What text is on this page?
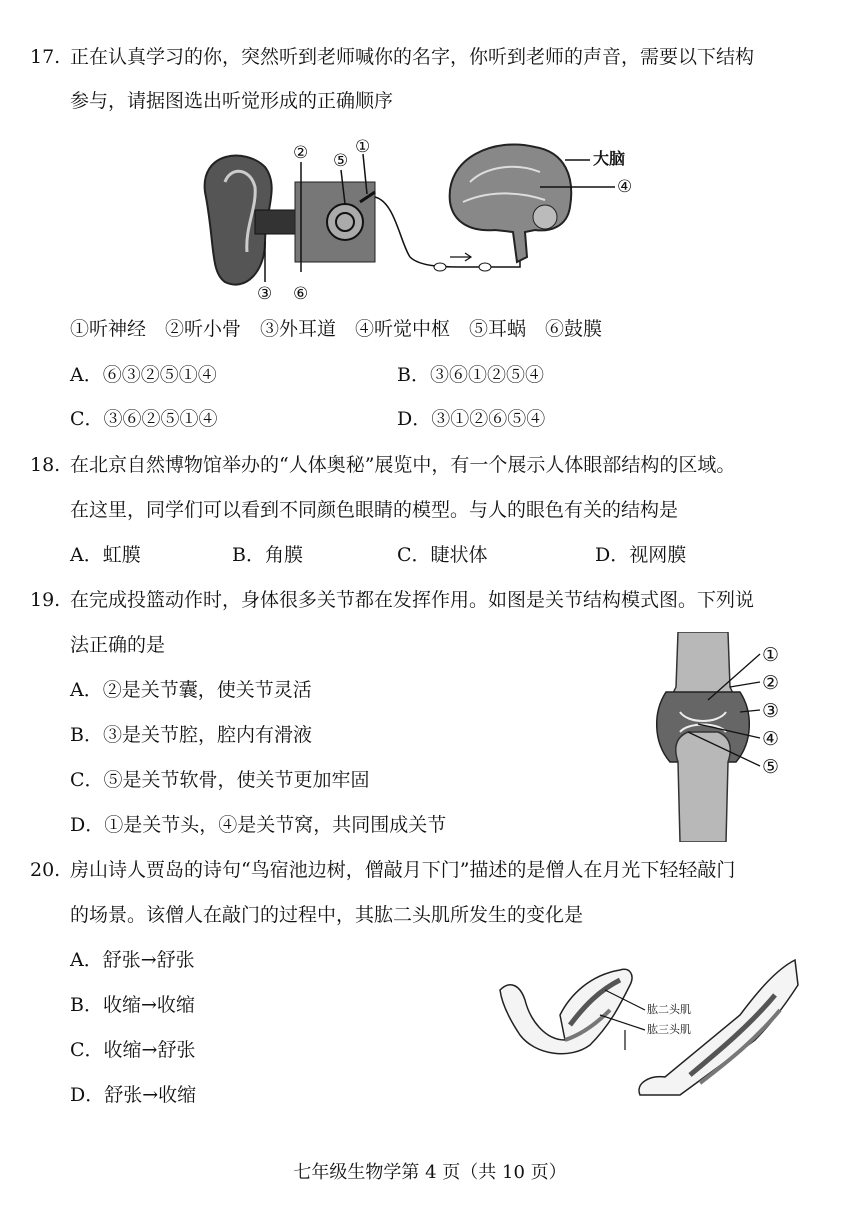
17. 正在认真学习的你，突然听到老师喊你的名字，你听到老师的声音，需要以下结构
参与，请据图选出听觉形成的正确顺序
② ⑤
①
③ ⑥
大脑
④
①听神经　②听小骨　③外耳道　④听觉中枢　⑤耳蜗　⑥鼓膜
A．⑥③②⑤①④	B．③⑥①②⑤④
C．③⑥②⑤①④	D．③①②⑥⑤④
18. 在北京自然博物馆举办的“人体奥秘”展览中，有一个展示人体眼部结构的区域。
在这里，同学们可以看到不同颜色眼睛的模型。与人的眼色有关的结构是
A．虹膜	B．角膜	C．睫状体	D．视网膜
19. 在完成投篮动作时，身体很多关节都在发挥作用。如图是关节结构模式图。下列说
法正确的是	①
②
③
④
⑤
A．②是关节囊，使关节灵活
B．③是关节腔，腔内有滑液
C．⑤是关节软骨，使关节更加牢固
D．①是关节头，④是关节窝，共同围成关节
20. 房山诗人贾岛的诗句“鸟宿池边树，僧敲月下门”描述的是僧人在月光下轻轻敲门
的场景。该僧人在敲门的过程中，其肱二头肌所发生的变化是
肱二头肌
肱三头肌
A．舒张→舒张
B．收缩→收缩
C．收缩→舒张
D．舒张→收缩
七年级生物学第 4 页（共 10 页）
